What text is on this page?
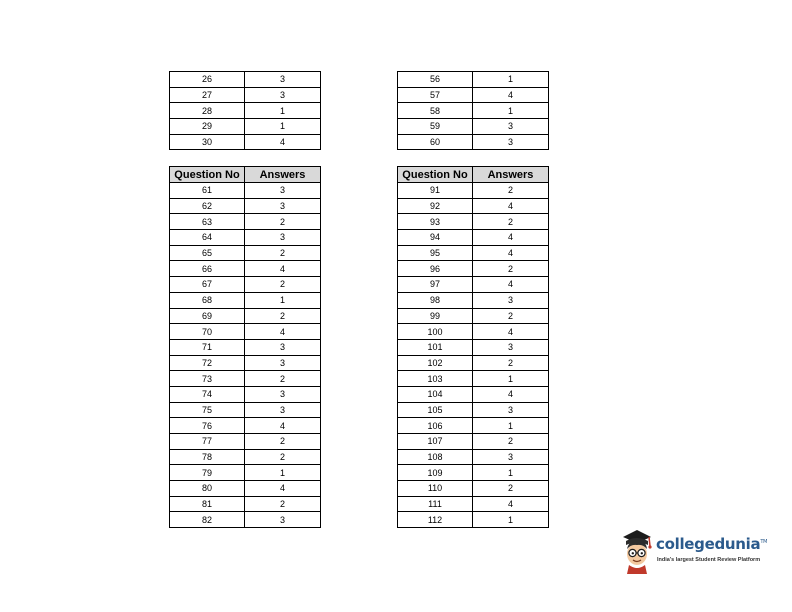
26	3
27	3
28	1
29	1
30	4
56	1
57	4
58	1
59	3
60	3
Question No	Answers
61	3
62	3
63	2
64	3
65	2
66	4
67	2
68	1
69	2
70	4
71	3
72	3
73	2
74	3
75	3
76	4
77	2
78	2
79	1
80	4
81	2
82	3
Question No	Answers
91	2
92	4
93	2
94	4
95	4
96	2
97	4
98	3
99	2
100	4
101	3
102	2
103	1
104	4
105	3
106	1
107	2
108	3
109	1
110	2
111	4
112	1
collegedunia™
India's largest Student Review Platform
